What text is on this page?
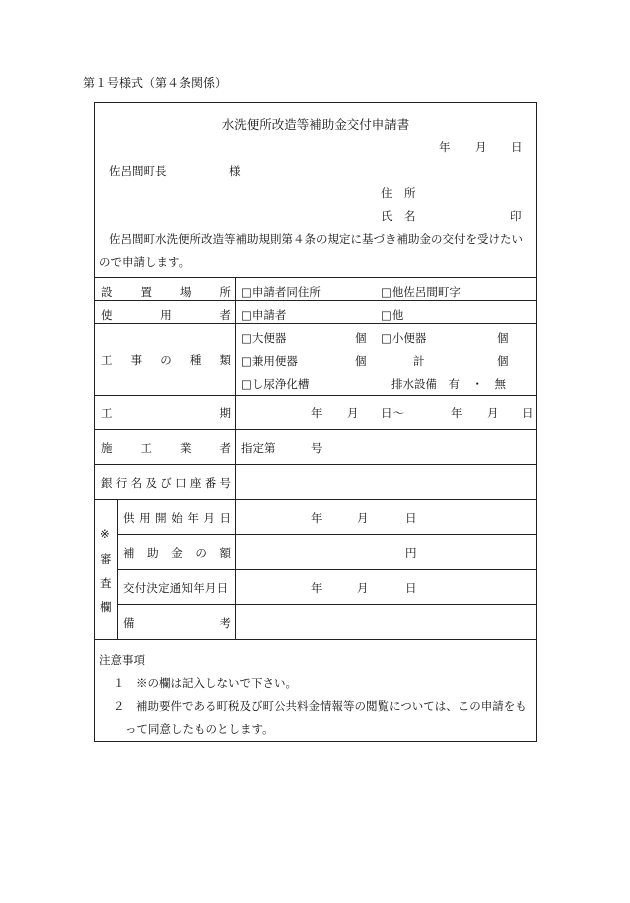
第１号様式（第４条関係）
水洗便所改造等補助金交付申請書
年 月 日
佐呂間町長	様
住　所
氏　名	印
佐呂間町水洗便所改造等補助規則第４条の規定に基づき補助金の交付を受けたい
ので申請します。
設 置 場 所 □申請者同住所	□他佐呂間町字
使	用	者 □申請者	□他
工 事 の 種 類
□大便器	個 □小便器	個
□兼用便器	個	計	個
□し尿浄化槽	排水設備　有　・　無
工	期	年 月 日～	年 月 日
施 工 業 者 指定第	号
銀 行 名 及 び 口 座 番 号
※
審
査
欄
供 用 開 始 年 月 日	年	月	日
補 助 金 の 額	円
交付決定通知年月日	年	月	日
備	考
注意事項
１　※の欄は記入しないで下さい。
２　補助要件である町税及び町公共料金情報等の閲覧については、この申請をも
って同意したものとします。
